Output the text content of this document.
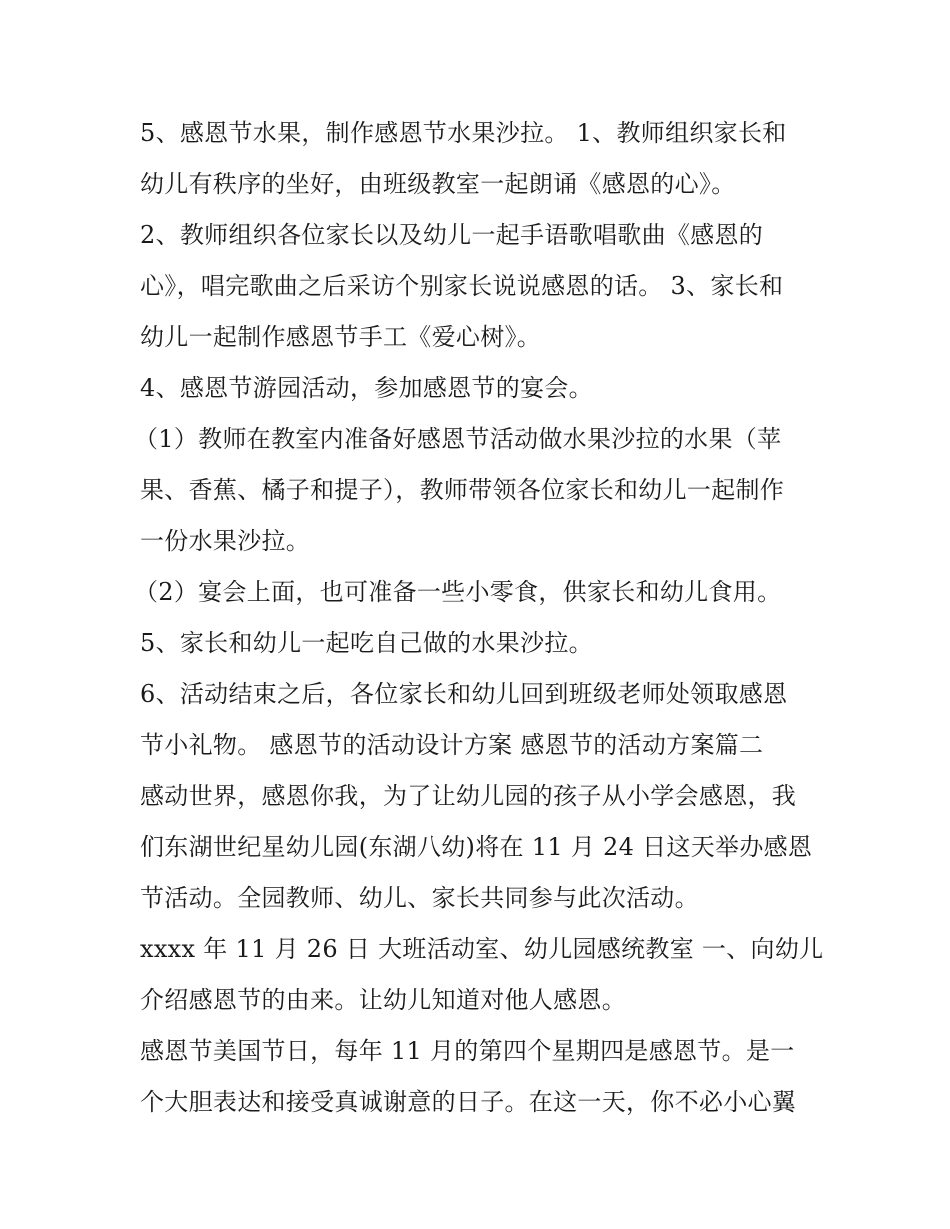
5、感恩节水果，制作感恩节水果沙拉。 1、教师组织家长和
幼儿有秩序的坐好，由班级教室一起朗诵《感恩的心》。
2、教师组织各位家长以及幼儿一起手语歌唱歌曲《感恩的
心》，唱完歌曲之后采访个别家长说说感恩的话。 3、家长和
幼儿一起制作感恩节手工《爱心树》。
4、感恩节游园活动，参加感恩节的宴会。
（1）教师在教室内准备好感恩节活动做水果沙拉的水果（苹
果、香蕉、橘子和提子），教师带领各位家长和幼儿一起制作
一份水果沙拉。
（2）宴会上面，也可准备一些小零食，供家长和幼儿食用。
5、家长和幼儿一起吃自己做的水果沙拉。
6、活动结束之后，各位家长和幼儿回到班级老师处领取感恩
节小礼物。 感恩节的活动设计方案 感恩节的活动方案篇二
感动世界，感恩你我，为了让幼儿园的孩子从小学会感恩，我
们东湖世纪星幼儿园(东湖八幼)将在 11 月 24 日这天举办感恩
节活动。全园教师、幼儿、家长共同参与此次活动。
xxxx 年 11 月 26 日 大班活动室、幼儿园感统教室 一、向幼儿
介绍感恩节的由来。让幼儿知道对他人感恩。
感恩节美国节日，每年 11 月的第四个星期四是感恩节。是一
个大胆表达和接受真诚谢意的日子。在这一天，你不必小心翼
